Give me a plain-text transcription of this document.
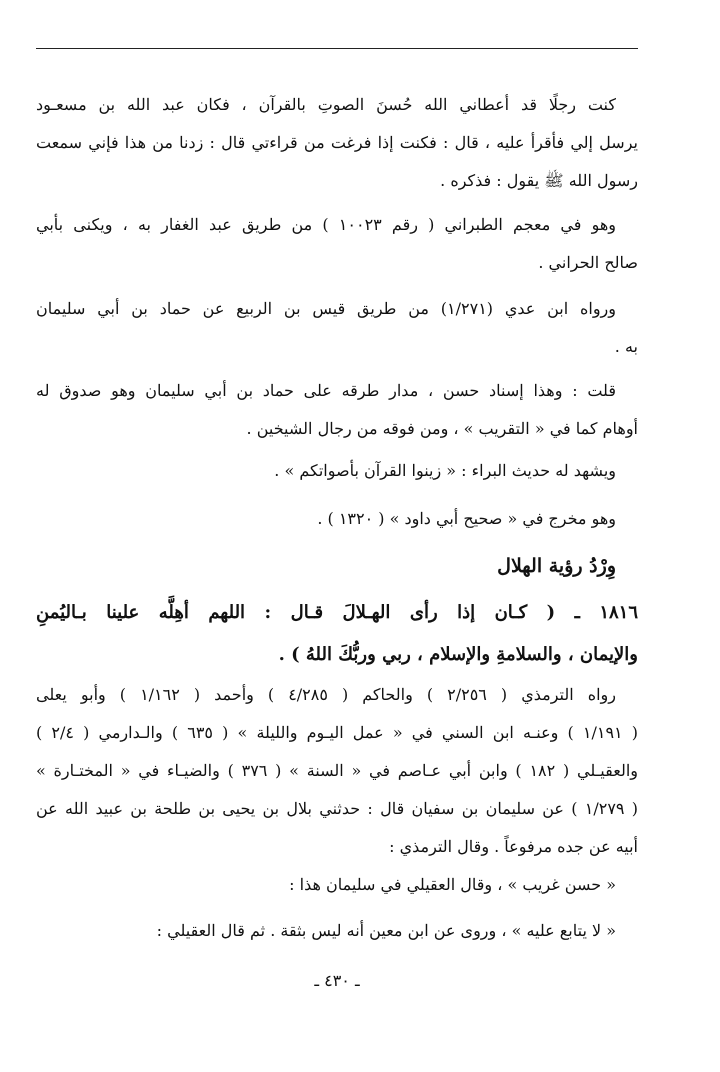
كنت رجلًا قد أعطاني الله حُسنَ الصوتِ بالقرآن ، فكان عبد الله بن مسعـود
يرسل إلي فأقرأ عليه ، قال : فكنت إذا فرغت من قراءتي قال : زدنا من هذا فإني سمعت
رسول الله ﷺ يقول : فذكره .
وهو في معجم الطبراني ( رقم ١٠٠٢٣ ) من طريق عبد الغفار به ، ويكنى بأبي
صالح الحراني .
ورواه ابن عدي (١/٢٧١) من طريق قيس بن الربيع عن حماد بن أبي سليمان
به .
قلت : وهذا إسناد حسن ، مدار طرقه على حماد بن أبي سليمان وهو صدوق له
أوهام كما في « التقريب » ، ومن فوقه من رجال الشيخين .
ويشهد له حديث البراء : « زينوا القرآن بأصواتكم » .
وهو مخرج في « صحيح أبي داود » ( ١٣٢٠ ) .
وِرْدُ رؤية الهلال
١٨١٦ ـ ( كـان إذا رأى الهـلالَ قـال : اللهم أهِلَّه علينا بـاليُمنِ
والإيمان ، والسلامةِ والإسلام ، ربي وربُّكَ اللهُ ) .
رواه الترمذي ( ٢/٢٥٦ ) والحاكم ( ٤/٢٨٥ ) وأحمد ( ١/١٦٢ ) وأبو يعلى
( ١/١٩١ ) وعنـه ابن السني في « عمل اليـوم والليلة » ( ٦٣٥ ) والـدارمي ( ٢/٤ )
والعقيـلي ( ١٨٢ ) وابن أبي عـاصم في « السنة » ( ٣٧٦ ) والضيـاء في « المختـارة »
( ١/٢٧٩ ) عن سليمان بن سفيان قال : حدثني بلال بن يحيى بن طلحة بن عبيد الله عن
أبيه عن جده مرفوعاً . وقال الترمذي :
« حسن غريب » ، وقال العقيلي في سليمان هذا :
« لا يتابع عليه » ، وروى عن ابن معين أنه ليس بثقة . ثم قال العقيلي :
ـ ٤٣٠ ـ
